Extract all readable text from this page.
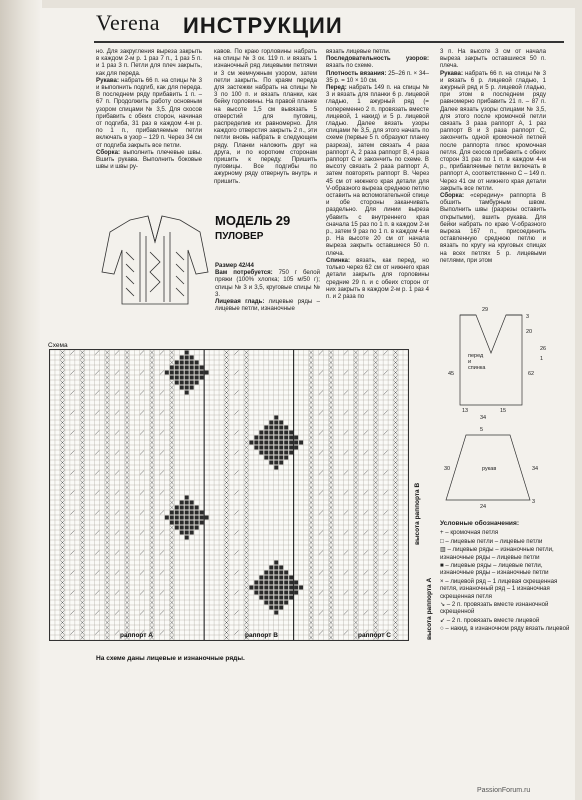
Verena ИНСТРУКЦИИ
но. Для закругления выреза закрыть в каждом 2-м р. 1 раз 7 п., 1 раз 5 п. и 1 раз 3 п. Петли для плеч закрыть, как для переда.
Рукава: набрать 66 п. на спицы № 3 и выполнить подгиб, как для переда. В последнем ряду прибавить 1 п. – 67 п. Продолжить работу основным узором спицами № 3,5. Для скосов прибавить с обеих сторон, начиная от подгиба, 31 раз в каждом 4-м р. по 1 п., прибавляемые петли включать в узор – 129 п. Через 34 см от подгиба закрыть все петли.
Сборка: выполнить плечевые швы. Вшить рукава. Выполнить боковые швы и швы ру-
кавов. По краю горловины набрать на спицы № 3 ок. 119 п. и вязать 1 изнаночный ряд лицевыми петлями и 3 см жемчужным узором, затем петли закрыть. По краям переда для застежки набрать на спицы № 3 по 100 п. и вязать планки, как бейку горловины. На правой планке на высоте 1,5 см вывязать 5 отверстий для пуговиц, распределив их равномерно. Для каждого отверстия закрыть 2 п., эти петли вновь набрать в следующем ряду. Планки наложить друг на друга, и по коротким сторонам пришить к переду. Пришить пуговицы. Все подгибы по ажурному ряду отвернуть внутрь и пришить.
вязать лицевые петли.
Последовательность узоров: вязать по схеме.
Плотность вязания: 25–26 п. × 34–35 р. = 10 × 10 см.
Перед: набрать 149 п. на спицы № 3 и вязать для планки 6 р. лицевой гладью, 1 ажурный ряд (= попеременно 2 п. провязать вместе лицевой, 1 накид) и 5 р. лицевой гладью. Далее вязать узоры спицами № 3,5, для этого начать по схеме (первые 5 п. образуют планку разреза), затем связать 4 раза раппорт А, 2 раза раппорт В, 4 раза раппорт С и закончить по схеме. В высоту связать 2 раза раппорт А, затем повторять раппорт В. Через 45 см от нижнего края детали для V-образного выреза среднюю петлю оставить на вспомогательной спице и обе стороны заканчивать раздельно. Для линии выреза убавить с внутреннего края сначала 15 раз по 1 п. в каждом 2-м р., затем 9 раз по 1 п. в каждом 4-м р. На высоте 20 см от начала выреза закрыть оставшиеся 50 п. плеча.
Спинка: вязать, как перед, но только через 62 см от нижнего края детали закрыть для горловины средние 29 п. и с обеих сторон от них закрыть в каждом 2-м р. 1 раз 4 п. и 2 раза по
3 п. На высоте 3 см от начала выреза закрыть оставшиеся 50 п. плеча.
Рукава: набрать 66 п. на спицы № 3 и вязать 6 р. лицевой гладью, 1 ажурный ряд и 5 р. лицевой гладью, при этом в последнем ряду равномерно прибавить 21 п. – 87 п. Далее вязать узоры спицами № 3,5, для этого после кромочной петли связать 3 раза раппорт А, 1 раз раппорт В и 3 раза раппорт С, закончить одной кромочной петлей после раппорта плюс кромочная петля. Для скосов прибавить с обеих сторон 31 раз по 1 п. в каждом 4-м р., прибавляемые петли включать в раппорт А, соответственно С – 149 п. Через 41 см от нижнего края детали закрыть все петли.
Сборка: «середину» раппорта В обшить тамбурным швом. Выполнить швы (разрезы оставить открытыми), вшить рукава. Для бейки набрать по краю V-образного выреза 167 п., присоединить оставленную среднюю петлю и вязать по кругу на круговых спицах на всех петлях 5 р. лицевыми петлями, при этом
МОДЕЛЬ 29
ПУЛОВЕР
Размер 42/44
Вам потребуется: 750 г белой пряжи (100% хлопка; 105 м/50 г); спицы № 3 и 3,5, круговые спицы № 3.
Лицевая гладь: лицевые ряды – лицевые петли, изнаночные
Схема
раппорт А	раппорт В	раппорт С
высота раппорта В
высота раппорта А
На схеме даны лицевые и изнаночные ряды.
29
20
3
45	62
перед
и
спинка
13	15
34
5
рукав
30	34
24
3
26
1
Условные обозначения:
+ – кромочная петля
□ – лицевые петли – лицевые петли
▥ – лицевые ряды – изнаночные петли, изнаночные ряды – лицевые петли
■ – лицевые ряды – лицевые петли, изнаночные ряды – изнаночные петли
× – лицевой ряд – 1 лицевая скрещенная петля, изнаночный ряд – 1 изнаночная скрещенная петля
↘ – 2 п. провязать вместе изнаночной скрещенной
↙ – 2 п. провязать вместе лицевой
○ – накид, в изнаночном ряду вязать лицевой
PassionForum.ru
